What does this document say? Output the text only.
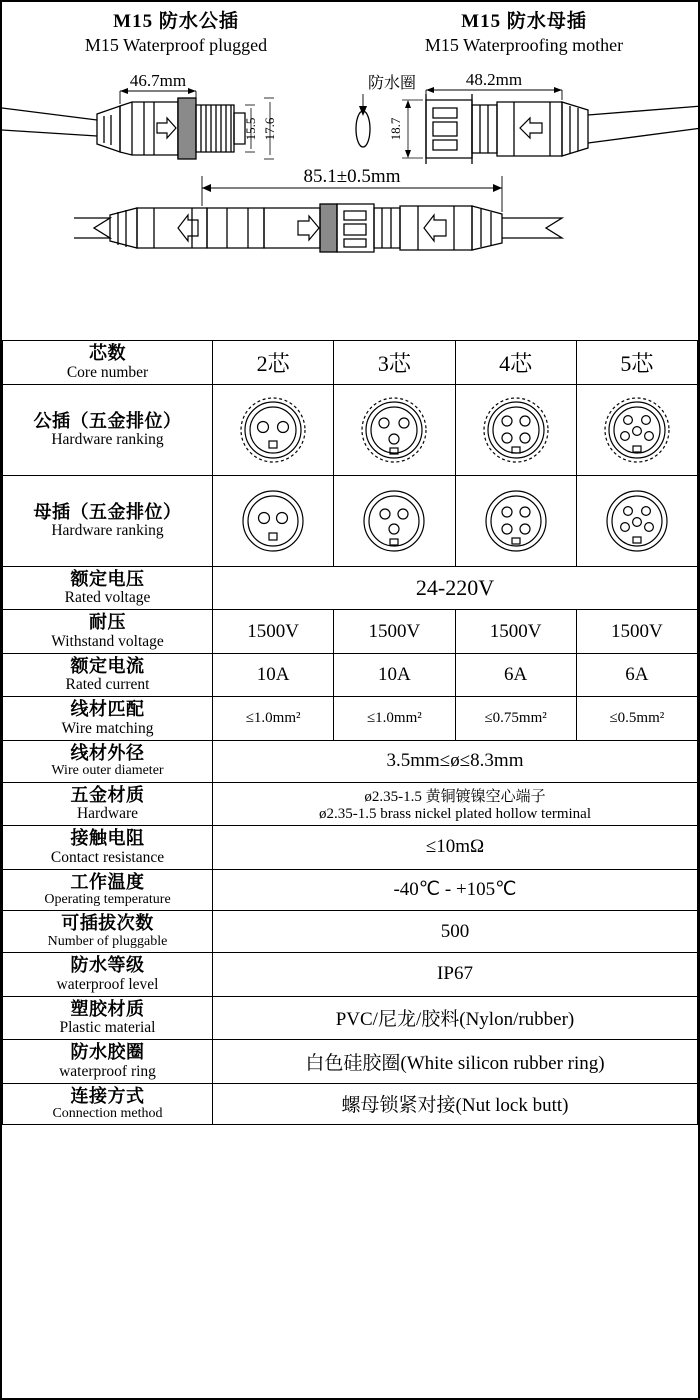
M15 防水公插
M15 Waterproof plugged
M15 防水母插
M15 Waterproofing mother
46.7mm	48.2mm
15.5 17.6	18.7
防水圈
85.1±0.5mm
芯数
Core number	2芯	3芯	4芯	5芯

公插（五金排位）
Hardware ranking

母插（五金排位）
Hardware ranking

额定电压
Rated voltage	24-220V			

耐压
Withstand voltage	1500V	1500V	1500V	1500V

额定电流
Rated current	10A	10A	6A	6A

线材匹配
Wire matching	≤1.0mm²	≤1.0mm²	≤0.75mm²	≤0.5mm²

线材外径
Wire outer diameter	3.5mm≤ø≤8.3mm			

五金材质
Hardware

ø2.35-1.5 黄铜镀镍空心端子
ø2.35-1.5 brass nickel plated hollow terminal

接触电阻
Contact resistance	≤10mΩ			

工作温度
Operating temperature	-40℃ - +105℃			

可插拔次数
Number of pluggable	500			

防水等级
waterproof level	IP67			

塑胶材质
Plastic material	PVC/尼龙/胶料(Nylon/rubber)			

防水胶圈
waterproof ring	白色硅胶圈(White silicon rubber ring)			

连接方式
Connection method	螺母锁紧对接(Nut lock butt)			
